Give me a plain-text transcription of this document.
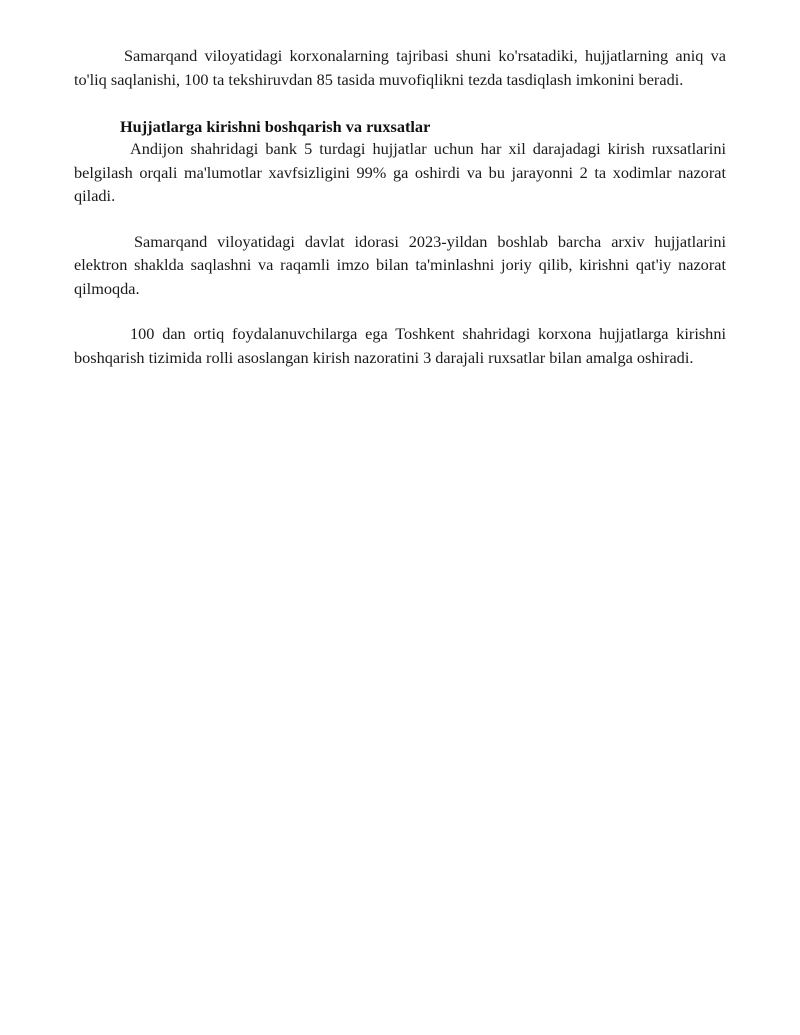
Samarqand viloyatidagi korxonalarning tajribasi shuni ko'rsatadiki, hujjatlarning aniq va to'liq saqlanishi, 100 ta tekshiruvdan 85 tasida muvofiqlikni tezda tasdiqlash imkonini beradi.

Hujjatlarga kirishni boshqarish va ruxsatlar

Andijon shahridagi bank 5 turdagi hujjatlar uchun har xil darajadagi kirish ruxsatlarini belgilash orqali ma'lumotlar xavfsizligini 99% ga oshirdi va bu jarayonni 2 ta xodimlar nazorat qiladi.

Samarqand viloyatidagi davlat idorasi 2023-yildan boshlab barcha arxiv hujjatlarini elektron shaklda saqlashni va raqamli imzo bilan ta'minlashni joriy qilib, kirishni qat'iy nazorat qilmoqda.

100 dan ortiq foydalanuvchilarga ega Toshkent shahridagi korxona hujjatlarga kirishni boshqarish tizimida rolli asoslangan kirish nazoratini 3 darajali ruxsatlar bilan amalga oshiradi.
